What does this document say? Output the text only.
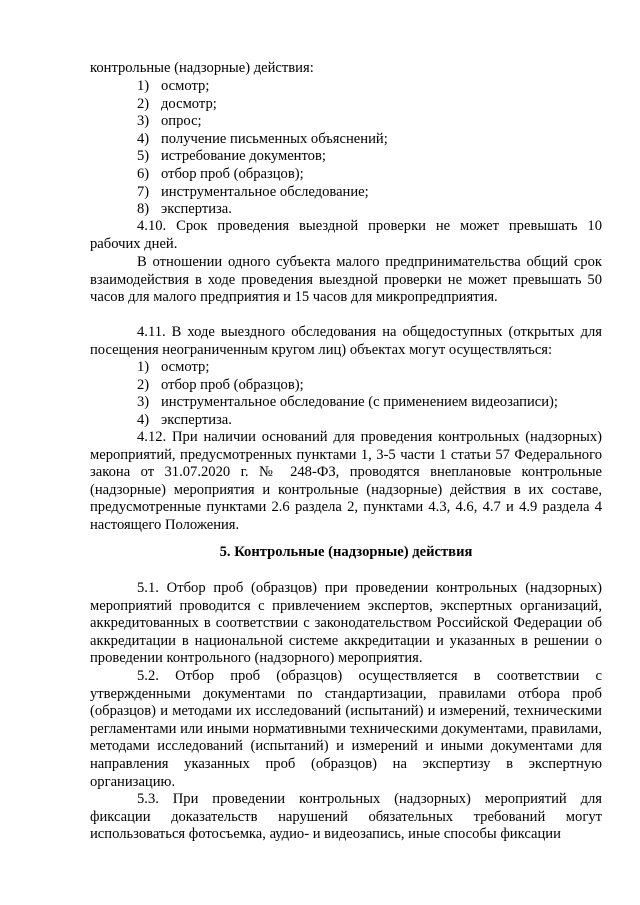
контрольные (надзорные) действия:

1) осмотр;
2) досмотр;
3) опрос;
4) получение письменных объяснений;
5) истребование документов;
6) отбор проб (образцов);
7) инструментальное обследование;
8) экспертиза.

4.10. Срок проведения выездной проверки не может превышать 10 рабочих дней.

В отношении одного субъекта малого предпринимательства общий срок взаимодействия в ходе проведения выездной проверки не может превышать 50 часов для малого предприятия и 15 часов для микропредприятия.

4.11. В ходе выездного обследования на общедоступных (открытых для посещения неограниченным кругом лиц) объектах могут осуществляться:

1) осмотр;
2) отбор проб (образцов);
3) инструментальное обследование (с применением видеозаписи);
4) экспертиза.

4.12. При наличии оснований для проведения контрольных (надзорных) мероприятий, предусмотренных пунктами 1, 3-5 части 1 статьи 57 Федерального закона от 31.07.2020 г. № 248-ФЗ, проводятся внеплановые контрольные (надзорные) мероприятия и контрольные (надзорные) действия в их составе, предусмотренные пунктами 2.6 раздела 2, пунктами 4.3, 4.6, 4.7 и 4.9 раздела 4 настоящего Положения.

5. Контрольные (надзорные) действия

5.1. Отбор проб (образцов) при проведении контрольных (надзорных) мероприятий проводится с привлечением экспертов, экспертных организаций, аккредитованных в соответствии с законодательством Российской Федерации об аккредитации в национальной системе аккредитации и указанных в решении о проведении контрольного (надзорного) мероприятия.

5.2. Отбор проб (образцов) осуществляется в соответствии с утвержденными документами по стандартизации, правилами отбора проб (образцов) и методами их исследований (испытаний) и измерений, техническими регламентами или иными нормативными техническими документами, правилами, методами исследований (испытаний) и измерений и иными документами для направления указанных проб (образцов) на экспертизу в экспертную организацию.

5.3. При проведении контрольных (надзорных) мероприятий для фиксации доказательств нарушений обязательных требований могут использоваться фотосъемка, аудио- и видеозапись, иные способы фиксации
